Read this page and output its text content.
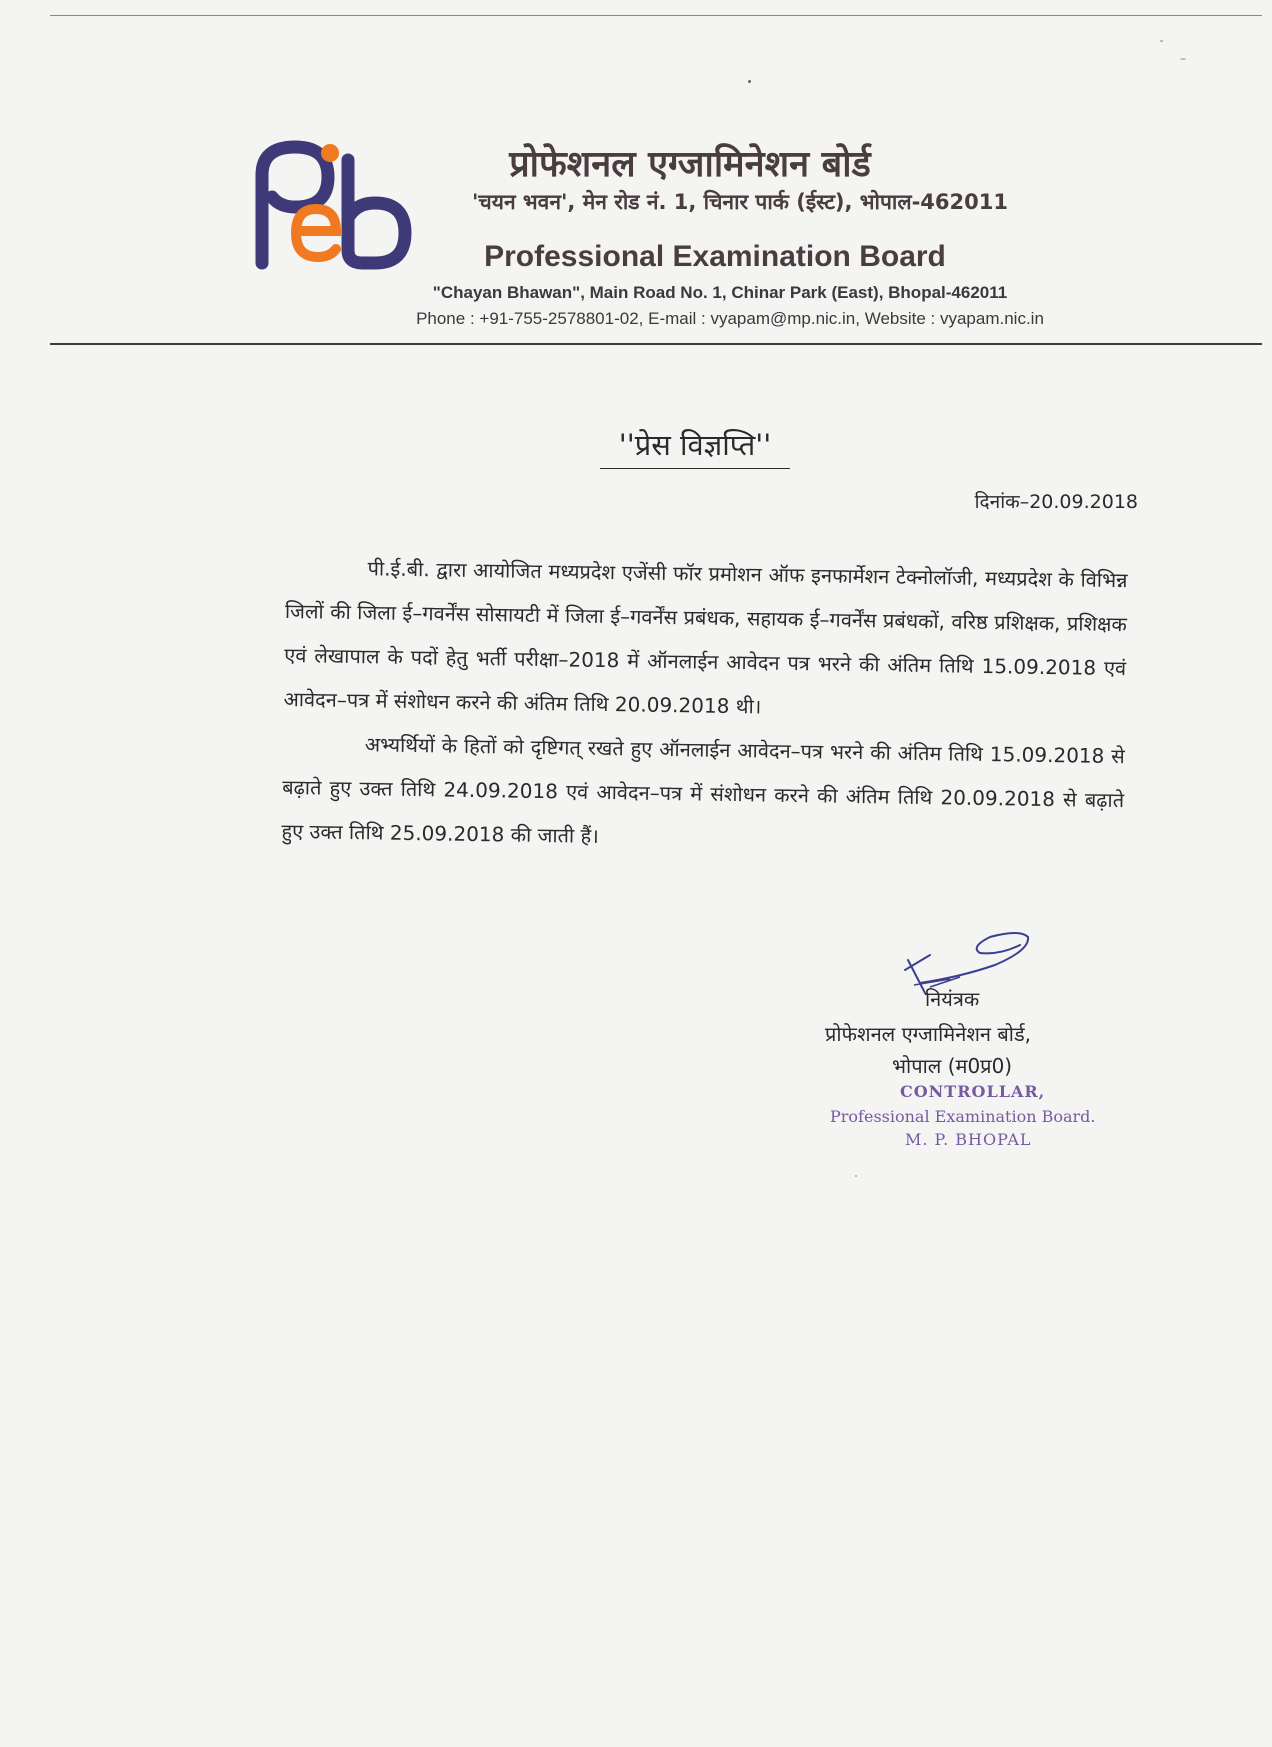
प्रोफेशनल एग्जामिनेशन बोर्ड
'चयन भवन', मेन रोड नं. 1, चिनार पार्क (ईस्ट), भोपाल-462011
Professional Examination Board
"Chayan Bhawan", Main Road No. 1, Chinar Park (East), Bhopal-462011
Phone : +91-755-2578801-02, E-mail : vyapam@mp.nic.in, Website : vyapam.nic.in
''प्रेस विज्ञप्ति''
दिनांक–20.09.2018

पी.ई.बी. द्वारा आयोजित मध्यप्रदेश एजेंसी फॉर प्रमोशन ऑफ इनफार्मेशन टेक्नोलॉजी, मध्यप्रदेश के विभिन्न जिलों की जिला ई–गवर्नेंस सोसायटी में जिला ई–गवर्नेंस प्रबंधक, सहायक ई–गवर्नेंस प्रबंधकों, वरिष्ठ प्रशिक्षक, प्रशिक्षक एवं लेखापाल के पदों हेतु भर्ती परीक्षा–2018 में ऑनलाईन आवेदन पत्र भरने की अंतिम तिथि 15.09.2018 एवं आवेदन–पत्र में संशोधन करने की अंतिम तिथि 20.09.2018 थी।

अभ्यर्थियों के हितों को दृष्टिगत् रखते हुए ऑनलाईन आवेदन–पत्र भरने की अंतिम तिथि 15.09.2018 से बढ़ाते हुए उक्त तिथि 24.09.2018 एवं आवेदन–पत्र में संशोधन करने की अंतिम तिथि 20.09.2018 से बढ़ाते हुए उक्त तिथि 25.09.2018 की जाती हैं।

नियंत्रक
प्रोफेशनल एग्जामिनेशन बोर्ड,
भोपाल (म0प्र0)
CONTROLLAR,
Professional Examination Board.
M. P. BHOPAL
